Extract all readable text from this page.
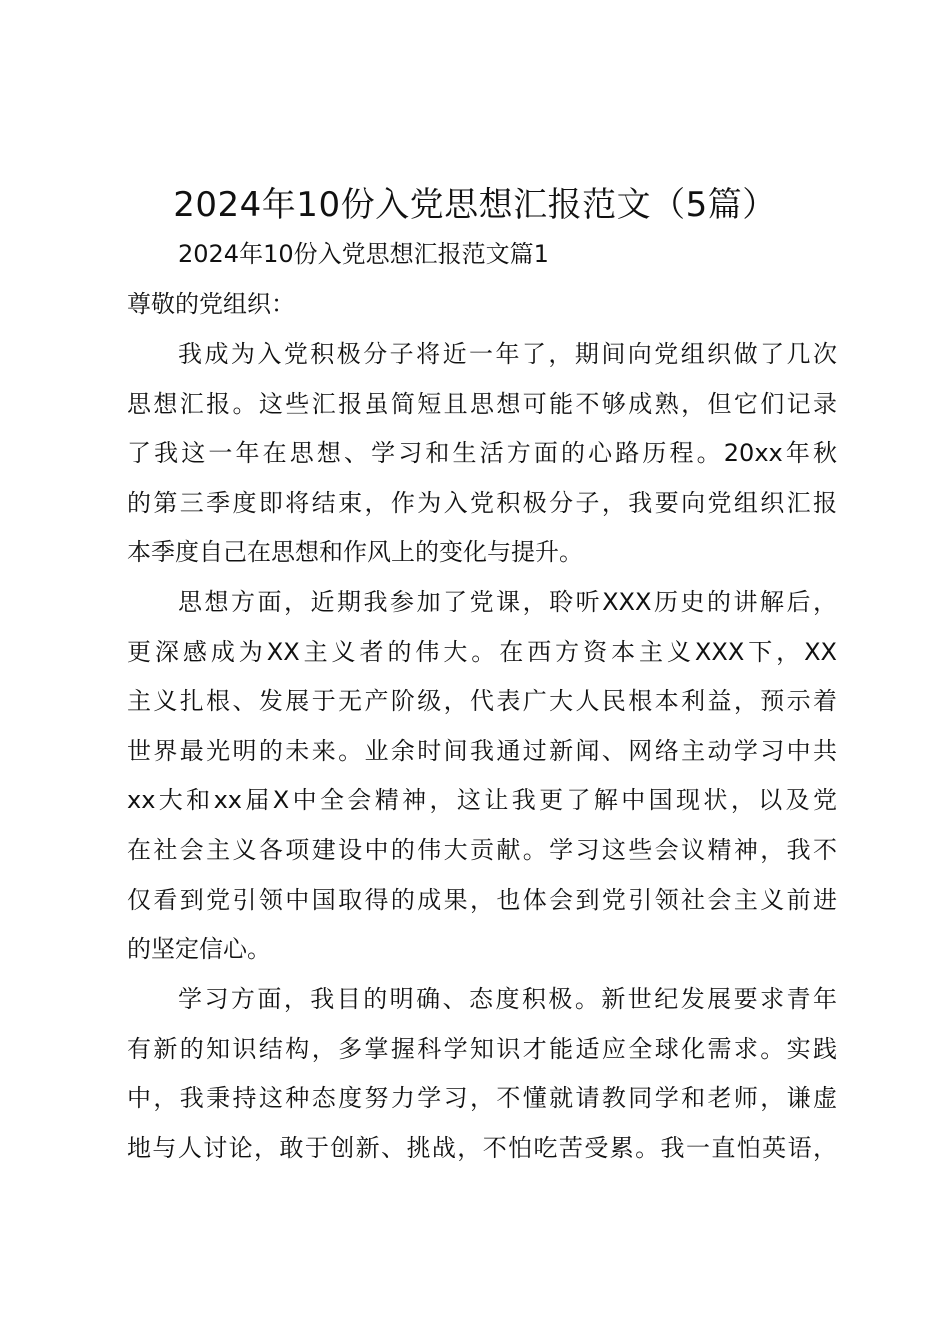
2024年10份入党思想汇报范文（5篇）
2024年10份入党思想汇报范文篇1
尊敬的党组织：
我成为入党积极分子将近一年了，期间向党组织做了几次
思想汇报。这些汇报虽简短且思想可能不够成熟，但它们记录
了我这一年在思想、学习和生活方面的心路历程。20xx年秋
的第三季度即将结束，作为入党积极分子，我要向党组织汇报
本季度自己在思想和作风上的变化与提升。
思想方面，近期我参加了党课，聆听XXX历史的讲解后，
更深感成为XX主义者的伟大。在西方资本主义XXX下，XX
主义扎根、发展于无产阶级，代表广大人民根本利益，预示着
世界最光明的未来。业余时间我通过新闻、网络主动学习中共
xx大和xx届X中全会精神，这让我更了解中国现状，以及党
在社会主义各项建设中的伟大贡献。学习这些会议精神，我不
仅看到党引领中国取得的成果，也体会到党引领社会主义前进
的坚定信心。
学习方面，我目的明确、态度积极。新世纪发展要求青年
有新的知识结构，多掌握科学知识才能适应全球化需求。实践
中，我秉持这种态度努力学习，不懂就请教同学和老师，谦虚
地与人讨论，敢于创新、挑战，不怕吃苦受累。我一直怕英语，
